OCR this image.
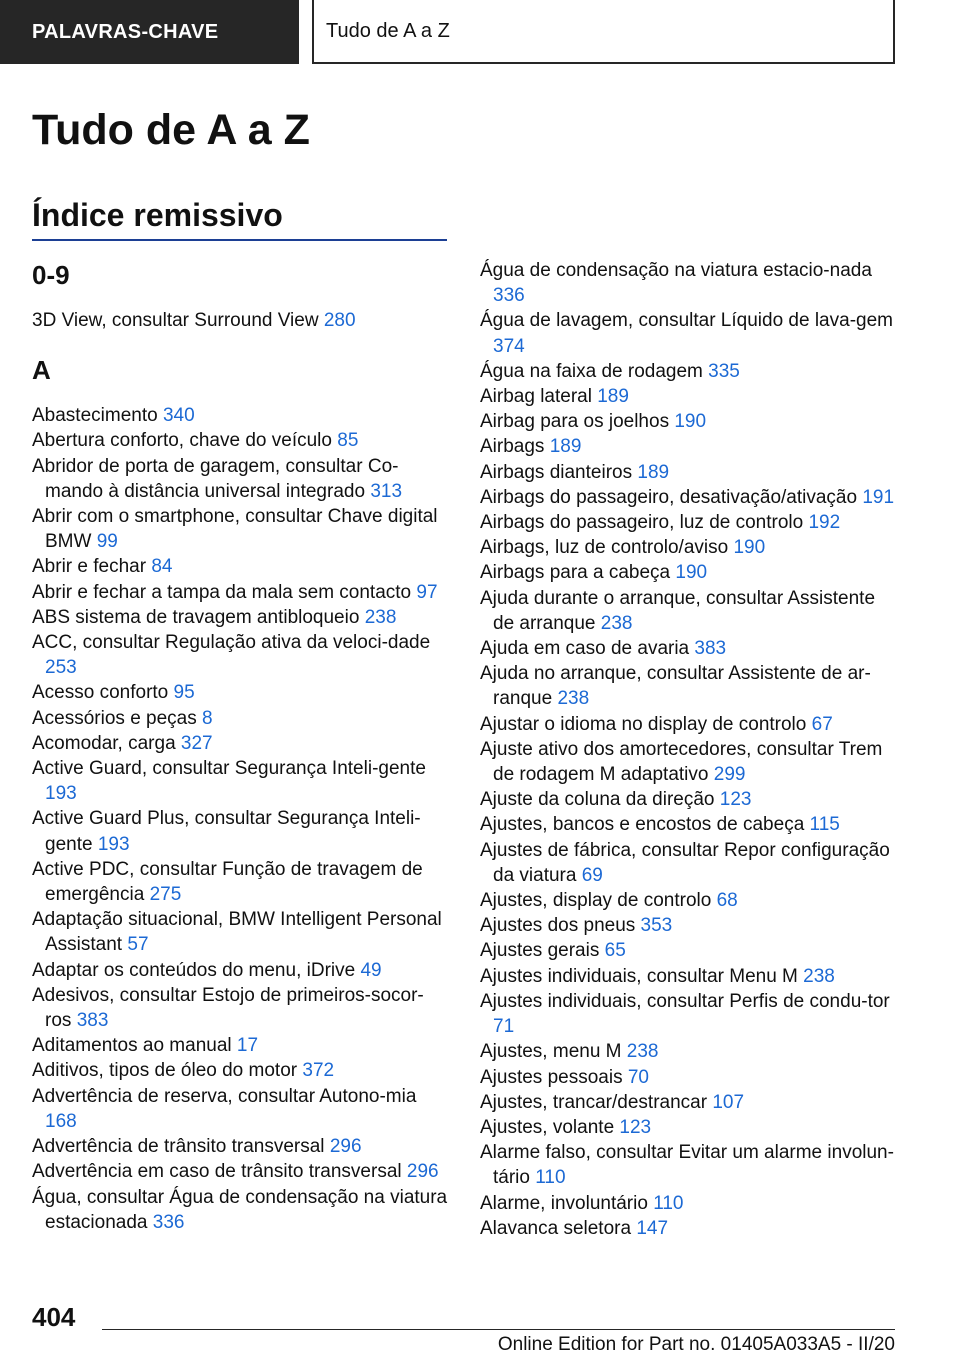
PALAVRAS-CHAVE	Tudo de A a Z
Tudo de A a Z
Índice remissivo
0-9
3D View, consultar Surround View 280
A
Abastecimento 340
Abertura conforto, chave do veículo 85
Abridor de porta de garagem, consultar Co‐mando à distância universal integrado 313
Abrir com o smartphone, consultar Chave digital BMW 99
Abrir e fechar 84
Abrir e fechar a tampa da mala sem contacto 97
ABS sistema de travagem antibloqueio 238
ACC, consultar Regulação ativa da veloci‐dade 253
Acesso conforto 95
Acessórios e peças 8
Acomodar, carga 327
Active Guard, consultar Segurança Inteli‐gente 193
Active Guard Plus, consultar Segurança Inteli‐gente 193
Active PDC, consultar Função de travagem de emergência 275
Adaptação situacional, BMW Intelligent Personal Assistant 57
Adaptar os conteúdos do menu, iDrive 49
Adesivos, consultar Estojo de primeiros-socor‐ros 383
Aditamentos ao manual 17
Aditivos, tipos de óleo do motor 372
Advertência de reserva, consultar Autono‐mia 168
Advertência de trânsito transversal 296
Advertência em caso de trânsito transversal 296
Água, consultar Água de condensação na viatura estacionada 336
Água de condensação na viatura estacio‐nada 336
Água de lavagem, consultar Líquido de lava‐gem 374
Água na faixa de rodagem 335
Airbag lateral 189
Airbag para os joelhos 190
Airbags 189
Airbags dianteiros 189
Airbags do passageiro, desativação/ativação 191
Airbags do passageiro, luz de controlo 192
Airbags, luz de controlo/aviso 190
Airbags para a cabeça 190
Ajuda durante o arranque, consultar Assistente de arranque 238
Ajuda em caso de avaria 383
Ajuda no arranque, consultar Assistente de ar‐ranque 238
Ajustar o idioma no display de controlo 67
Ajuste ativo dos amortecedores, consultar Trem de rodagem M adaptativo 299
Ajuste da coluna da direção 123
Ajustes, bancos e encostos de cabeça 115
Ajustes de fábrica, consultar Repor configuração da viatura 69
Ajustes, display de controlo 68
Ajustes dos pneus 353
Ajustes gerais 65
Ajustes individuais, consultar Menu M 238
Ajustes individuais, consultar Perfis de condu‐tor 71
Ajustes, menu M 238
Ajustes pessoais 70
Ajustes, trancar/destrancar 107
Ajustes, volante 123
Alarme falso, consultar Evitar um alarme involun‐tário 110
Alarme, involuntário 110
Alavanca seletora 147

404

Online Edition for Part no. 01405A033A5 - II/20
